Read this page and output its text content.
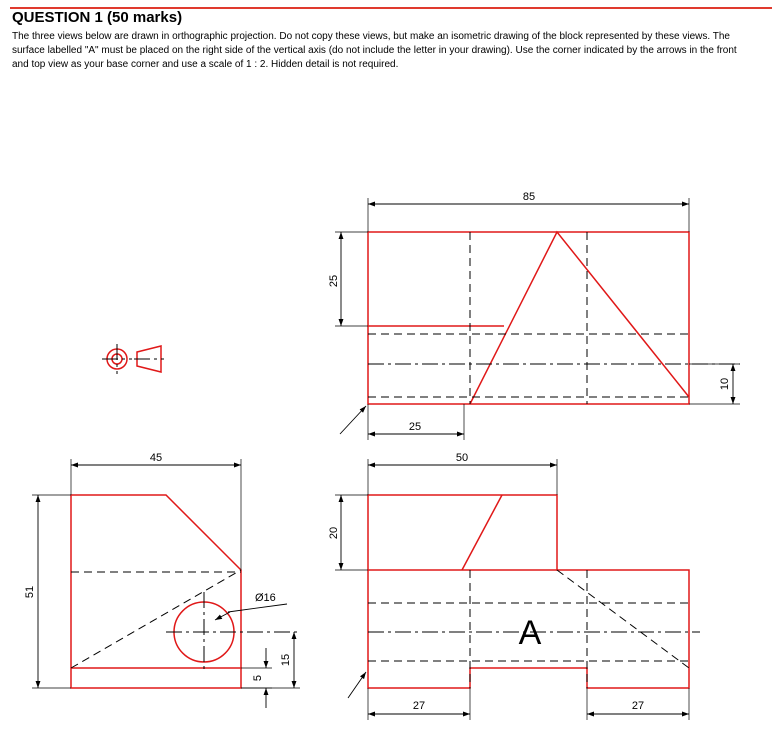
QUESTION 1 (50 marks)

The three views below are drawn in orthographic projection. Do not copy these views, but make an isometric drawing of the block represented by these views. The surface labelled "A" must be placed on the right side of the vertical axis (do not include the letter in your drawing). Use the corner indicated by the arrows in the front and top view as your base corner and use a scale of 1 : 2. Hidden detail is not required.

85
25
25
10
45
51	Ø16
5
15
A
50
20
27	27
